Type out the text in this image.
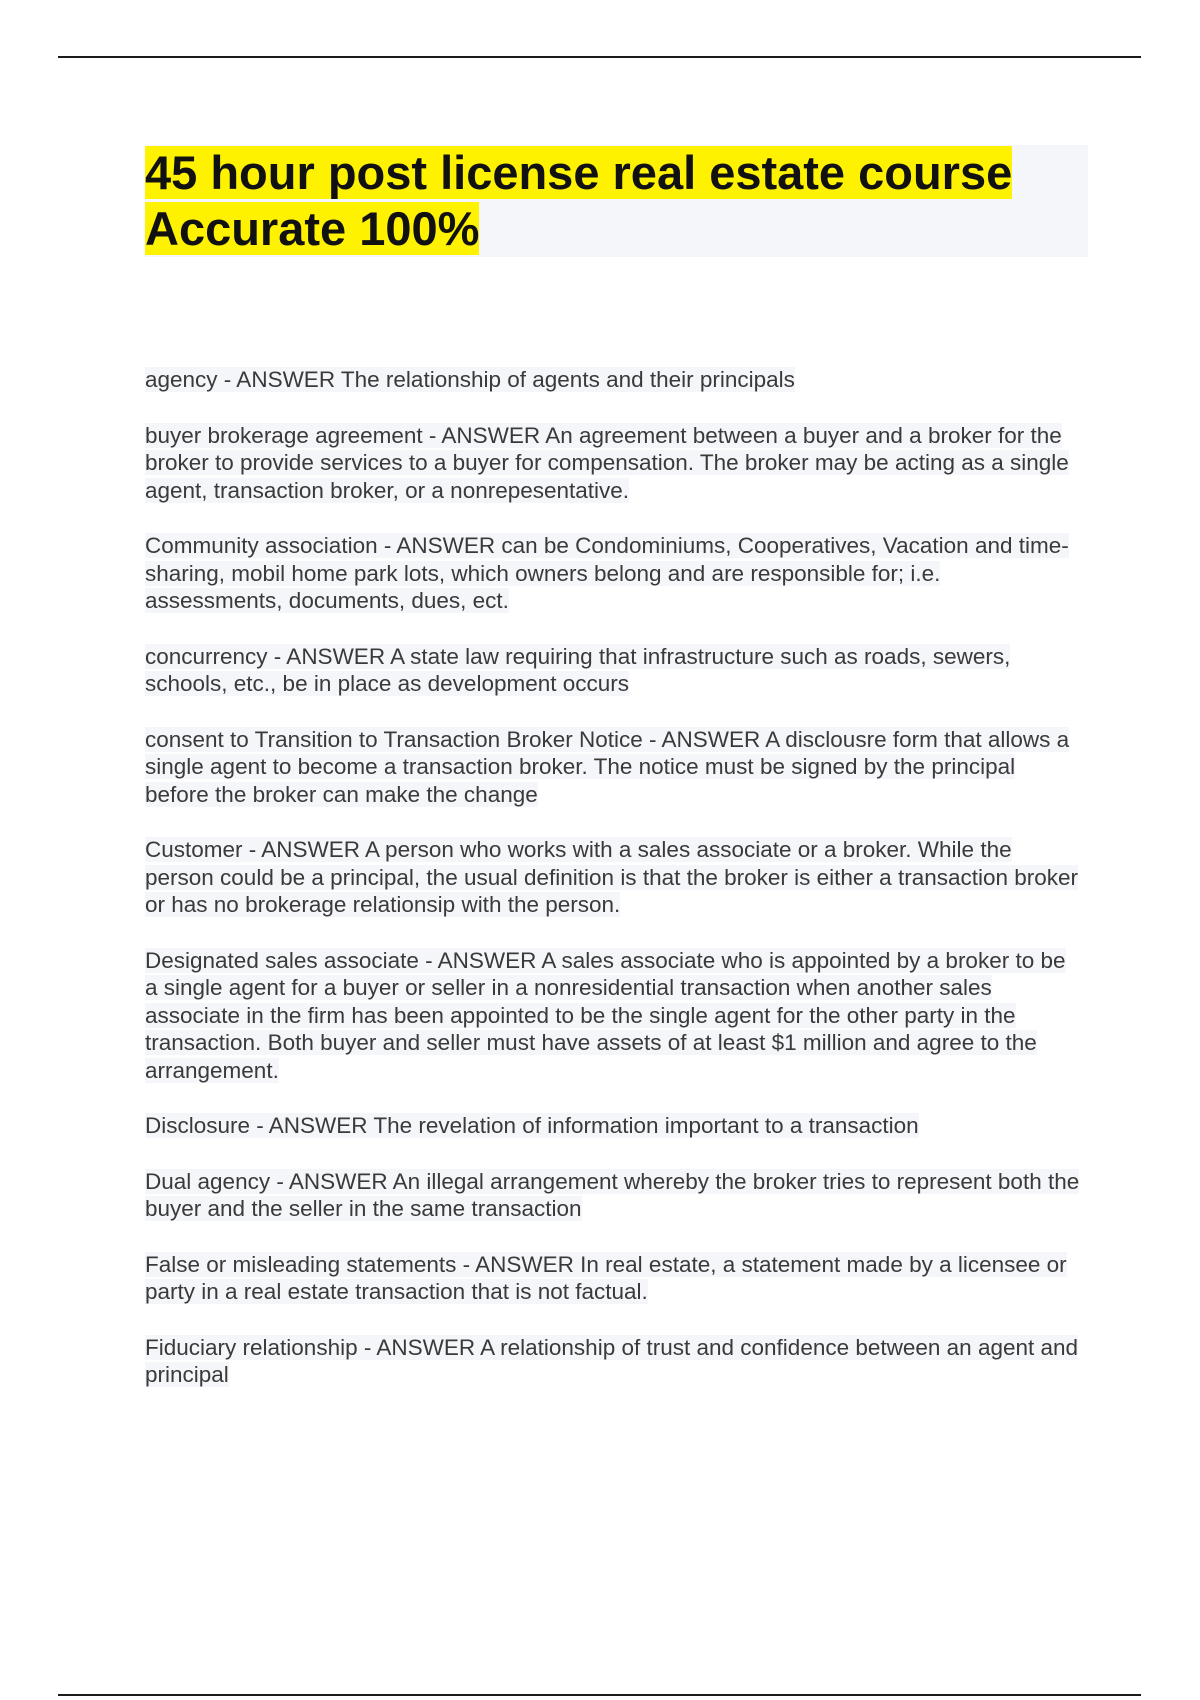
45 hour post license real estate course
Accurate 100%

agency - ANSWER The relationship of agents and their principals

buyer brokerage agreement - ANSWER An agreement between a buyer and a broker for the broker to provide services to a buyer for compensation. The broker may be acting as a single agent, transaction broker, or a nonrepesentative.

Community association - ANSWER can be Condominiums, Cooperatives, Vacation and time-sharing, mobil home park lots, which owners belong and are responsible for; i.e. assessments, documents, dues, ect.

concurrency - ANSWER A state law requiring that infrastructure such as roads, sewers, schools, etc., be in place as development occurs

consent to Transition to Transaction Broker Notice - ANSWER A disclousre form that allows a single agent to become a transaction broker. The notice must be signed by the principal before the broker can make the change

Customer - ANSWER A person who works with a sales associate or a broker. While the person could be a principal, the usual definition is that the broker is either a transaction broker or has no brokerage relationsip with the person.

Designated sales associate - ANSWER A sales associate who is appointed by a broker to be a single agent for a buyer or seller in a nonresidential transaction when another sales associate in the firm has been appointed to be the single agent for the other party in the transaction. Both buyer and seller must have assets of at least $1 million and agree to the arrangement.

Disclosure - ANSWER The revelation of information important to a transaction

Dual agency - ANSWER An illegal arrangement whereby the broker tries to represent both the buyer and the seller in the same transaction

False or misleading statements - ANSWER In real estate, a statement made by a licensee or party in a real estate transaction that is not factual.

Fiduciary relationship - ANSWER A relationship of trust and confidence between an agent and principal
